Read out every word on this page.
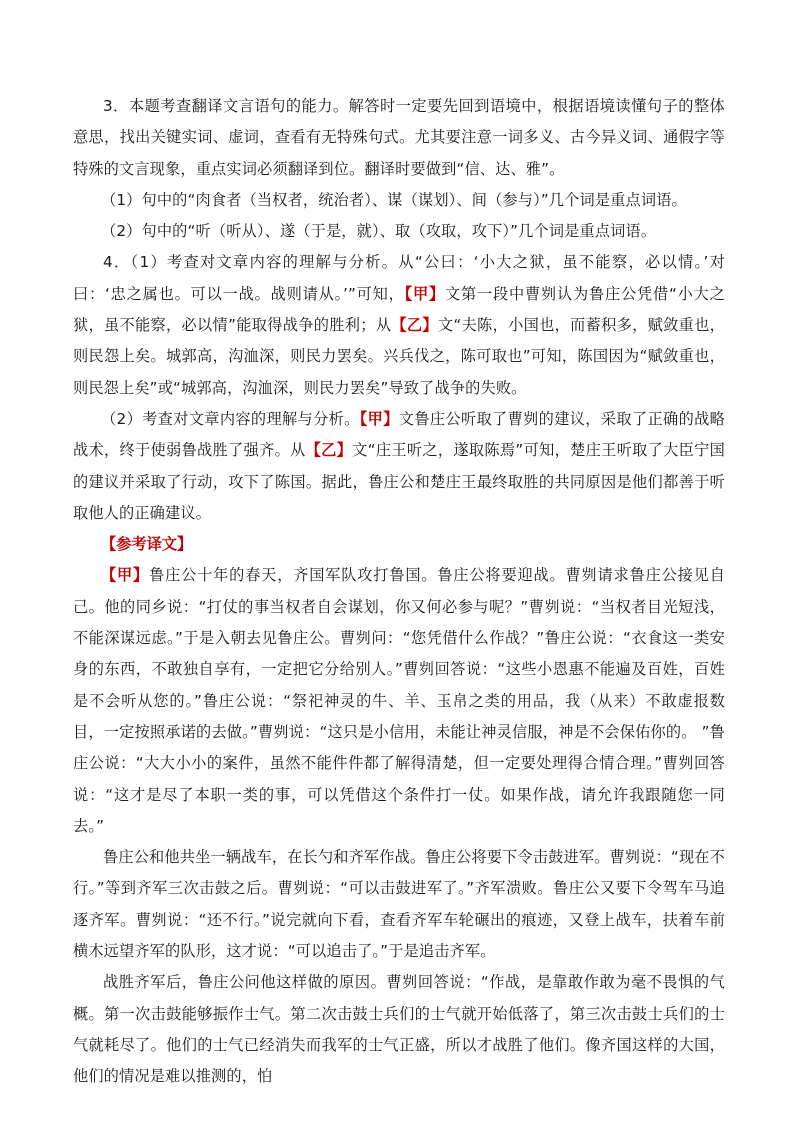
3．本题考查翻译文言语句的能力。解答时一定要先回到语境中，根据语境读懂句子的整体意思，找出关键实词、虚词，查看有无特殊句式。尤其要注意一词多义、古今异义词、通假字等特殊的文言现象，重点实词必须翻译到位。翻译时要做到“信、达、雅”。

（1）句中的“肉食者（当权者，统治者）、谋（谋划）、间（参与）”几个词是重点词语。

（2）句中的“听（听从）、遂（于是，就）、取（攻取，攻下）”几个词是重点词语。

4．（1）考查对文章内容的理解与分析。从“公曰：‘小大之狱，虽不能察，必以情。’对曰：‘忠之属也。可以一战。战则请从。’”可知，【甲】文第一段中曹刿认为鲁庄公凭借“小大之狱，虽不能察，必以情”能取得战争的胜利；从【乙】文“夫陈，小国也，而蓄积多，赋敛重也，则民怨上矣。城郭高，沟洫深，则民力罢矣。兴兵伐之，陈可取也”可知，陈国因为“赋敛重也，则民怨上矣”或“城郭高，沟洫深，则民力罢矣”导致了战争的失败。

（2）考查对文章内容的理解与分析。【甲】文鲁庄公听取了曹刿的建议，采取了正确的战略战术，终于使弱鲁战胜了强齐。从【乙】文“庄王听之，遂取陈焉”可知，楚庄王听取了大臣宁国的建议并采取了行动，攻下了陈国。据此，鲁庄公和楚庄王最终取胜的共同原因是他们都善于听取他人的正确建议。

【参考译文】

【甲】鲁庄公十年的春天，齐国军队攻打鲁国。鲁庄公将要迎战。曹刿请求鲁庄公接见自己。他的同乡说：“打仗的事当权者自会谋划，你又何必参与呢？”曹刿说：“当权者目光短浅，不能深谋远虑。”于是入朝去见鲁庄公。曹刿问：“您凭借什么作战？”鲁庄公说：“衣食这一类安身的东西，不敢独自享有，一定把它分给别人。”曹刿回答说：“这些小恩惠不能遍及百姓，百姓是不会听从您的。”鲁庄公说：“祭祀神灵的牛、羊、玉帛之类的用品，我（从来）不敢虚报数目，一定按照承诺的去做。”曹刿说：“这只是小信用，未能让神灵信服，神是不会保佑你的。 ”鲁庄公说：“大大小小的案件，虽然不能件件都了解得清楚，但一定要处理得合情合理。”曹刿回答说：“这才是尽了本职一类的事，可以凭借这个条件打一仗。如果作战，请允许我跟随您一同去。”

鲁庄公和他共坐一辆战车，在长勺和齐军作战。鲁庄公将要下令击鼓进军。曹刿说：“现在不行。”等到齐军三次击鼓之后。曹刿说：“可以击鼓进军了。”齐军溃败。鲁庄公又要下令驾车马追逐齐军。曹刿说：“还不行。”说完就向下看，查看齐军车轮碾出的痕迹，又登上战车，扶着车前横木远望齐军的队形，这才说：“可以追击了。”于是追击齐军。

战胜齐军后，鲁庄公问他这样做的原因。曹刿回答说：“作战，是靠敢作敢为毫不畏惧的气概。第一次击鼓能够振作士气。第二次击鼓士兵们的士气就开始低落了，第三次击鼓士兵们的士气就耗尽了。他们的士气已经消失而我军的士气正盛，所以才战胜了他们。像齐国这样的大国，他们的情况是难以推测的，怕
